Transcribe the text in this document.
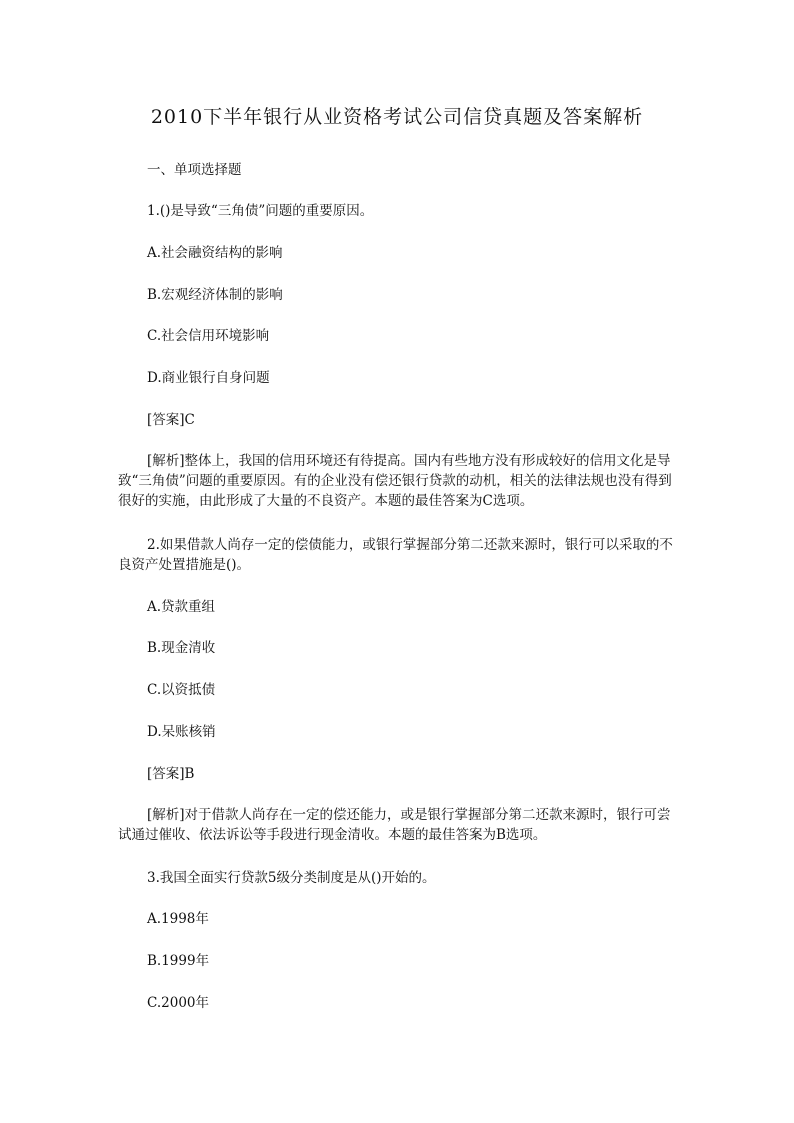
2010下半年银行从业资格考试公司信贷真题及答案解析
一、单项选择题
1.()是导致“三角债”问题的重要原因。
A.社会融资结构的影响
B.宏观经济体制的影响
C.社会信用环境影响
D.商业银行自身问题
[答案]C

[解析]整体上，我国的信用环境还有待提高。国内有些地方没有形成较好的信用文化是导致“三角债”问题的重要原因。有的企业没有偿还银行贷款的动机，相关的法律法规也没有得到很好的实施，由此形成了大量的不良资产。本题的最佳答案为C选项。

2.如果借款人尚存一定的偿债能力，或银行掌握部分第二还款来源时，银行可以采取的不良资产处置措施是()。

A.贷款重组
B.现金清收
C.以资抵债
D.呆账核销
[答案]B

[解析]对于借款人尚存在一定的偿还能力，或是银行掌握部分第二还款来源时，银行可尝试通过催收、依法诉讼等手段进行现金清收。本题的最佳答案为B选项。

3.我国全面实行贷款5级分类制度是从()开始的。
A.1998年
B.1999年
C.2000年
